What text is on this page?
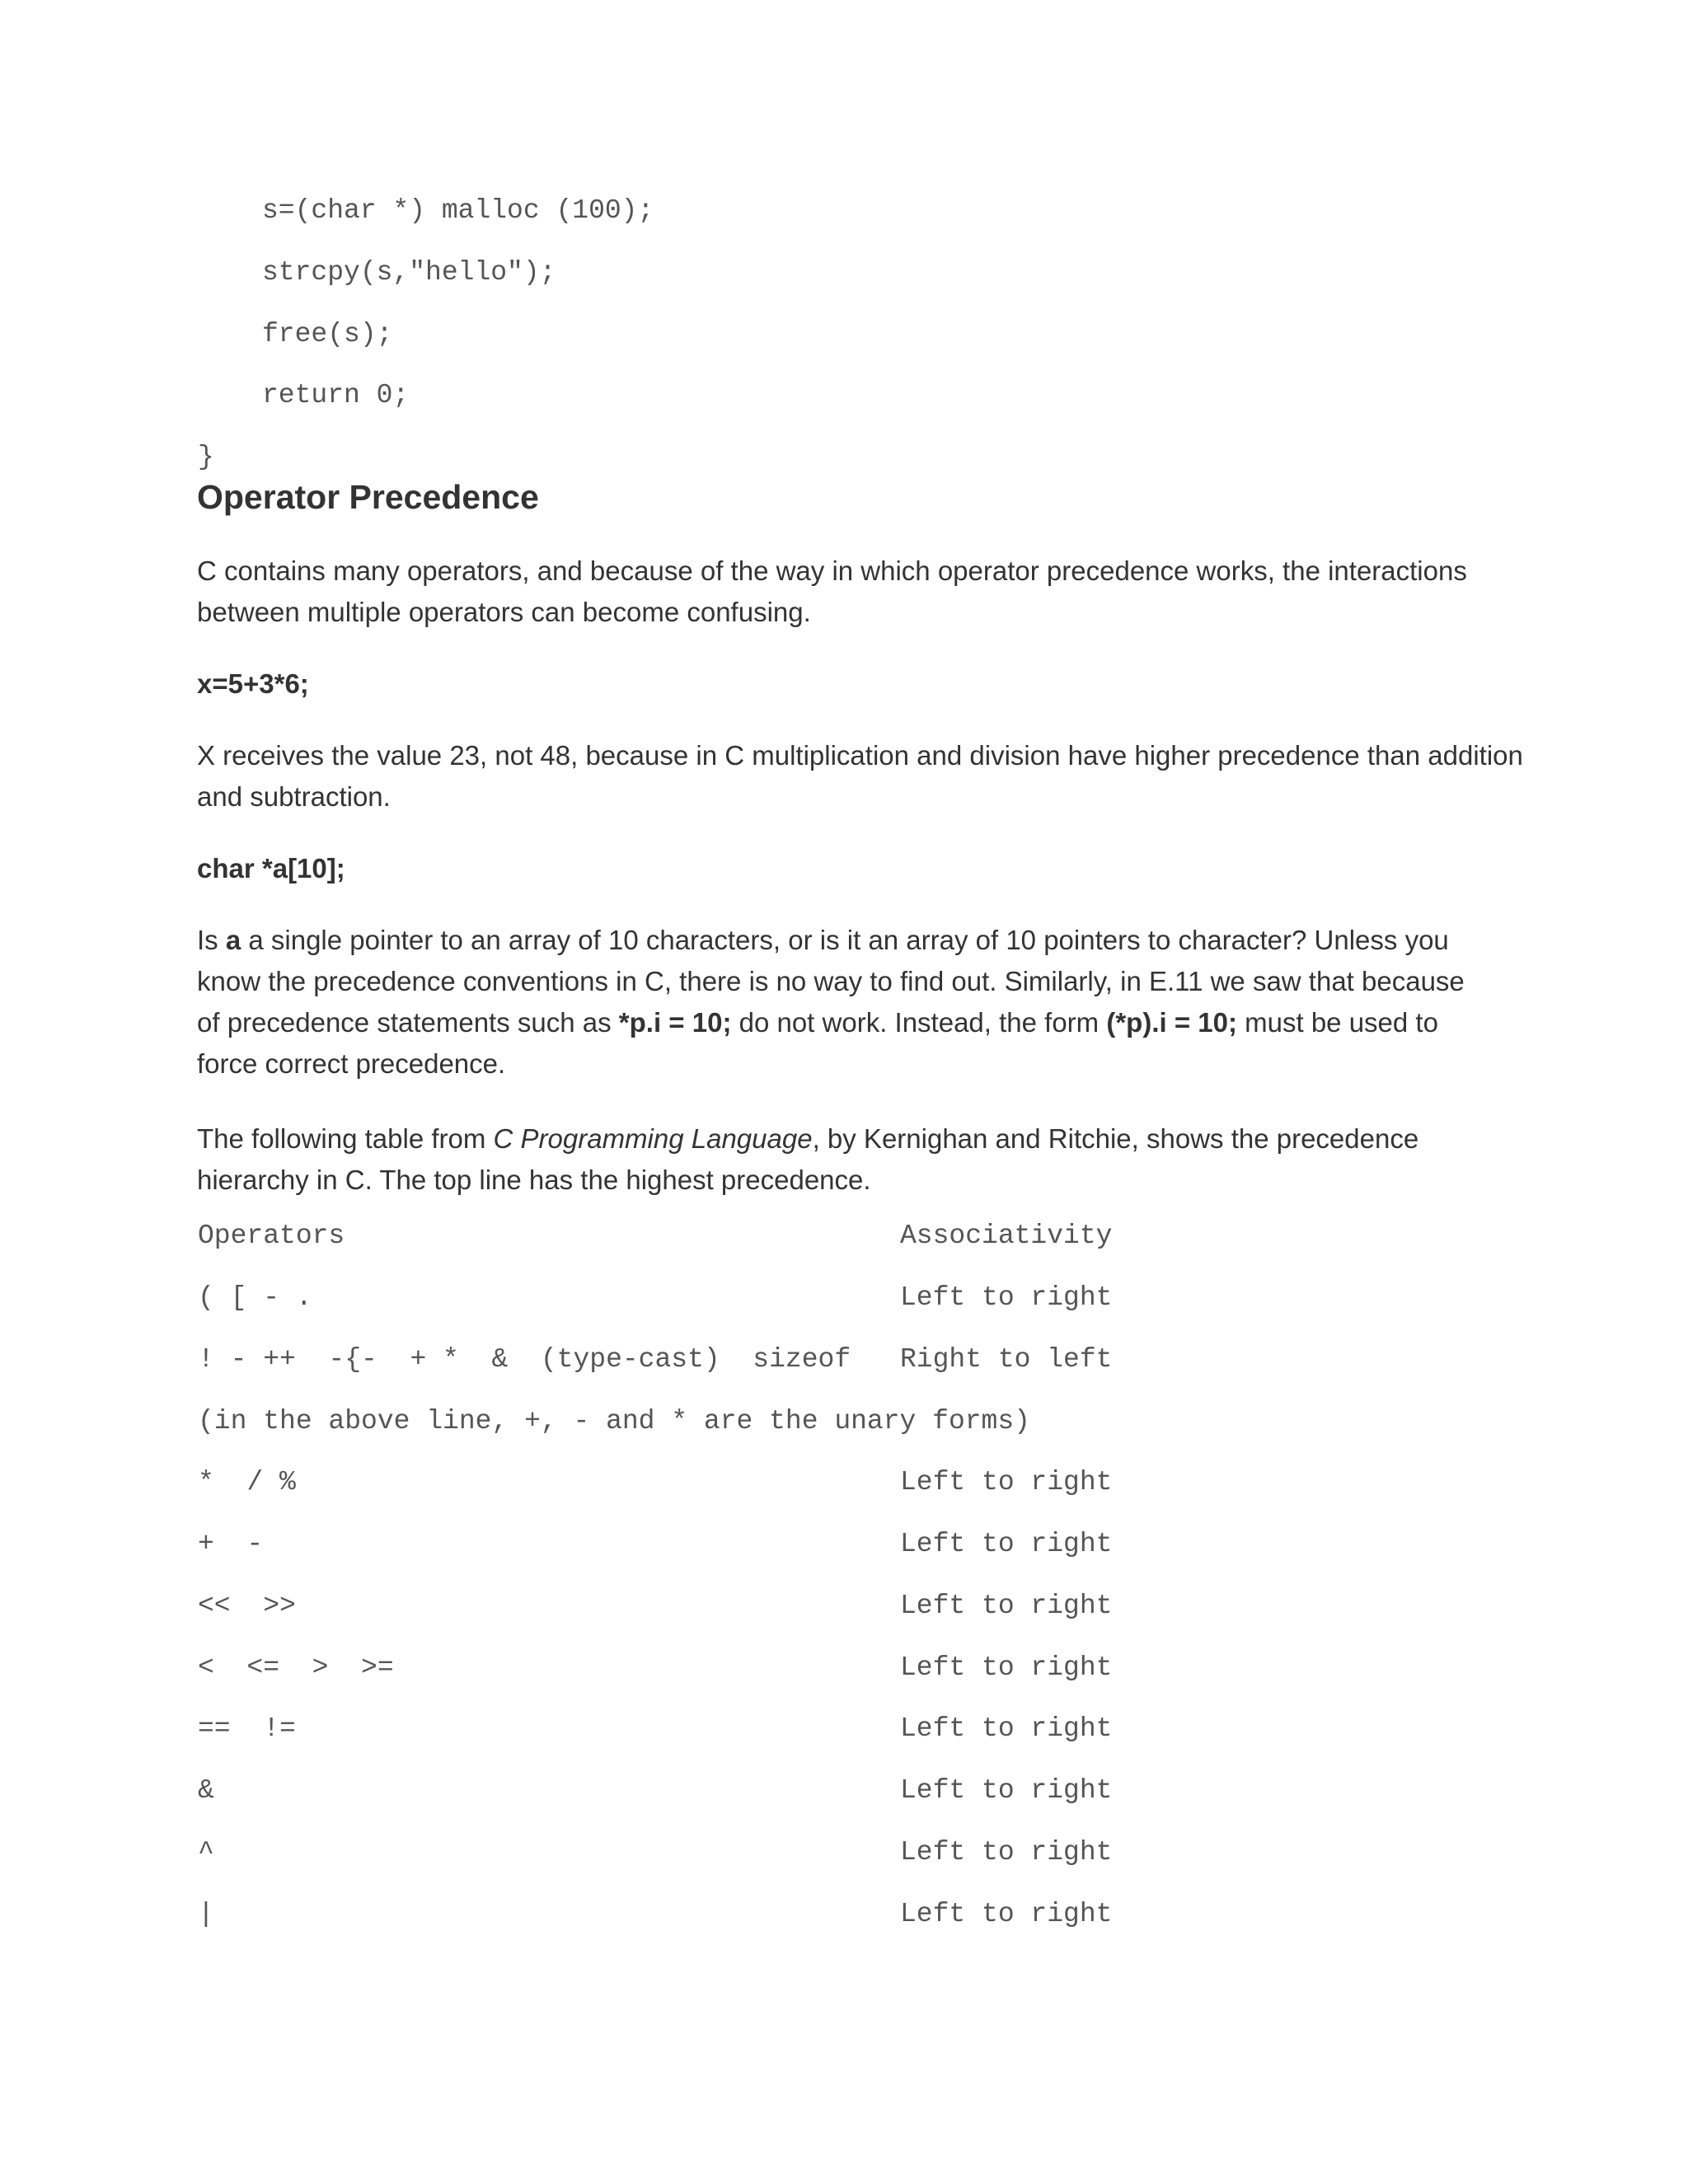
s=(char *) malloc (100);
strcpy(s,"hello");
free(s);
return 0;
}
Operator Precedence
C contains many operators, and because of the way in which operator precedence works, the interactions between multiple operators can become confusing.
x=5+3*6;
X receives the value 23, not 48, because in C multiplication and division have higher precedence than addition and subtraction.
char *a[10];
Is a a single pointer to an array of 10 characters, or is it an array of 10 pointers to character? Unless you know the precedence conventions in C, there is no way to find out. Similarly, in E.11 we saw that because of precedence statements such as *p.i = 10; do not work. Instead, the form (*p).i = 10; must be used to force correct precedence.
The following table from C Programming Language, by Kernighan and Ritchie, shows the precedence hierarchy in C. The top line has the highest precedence.
Operators	Associativity
( [ - .	Left to right
! - ++  -{-  + *  &  (type-cast)  sizeof Right to left
(in the above line, +, - and * are the unary forms)
*  / %	Left to right
+  -	Left to right
<<  >>	Left to right
<  <=  >  >=	Left to right
==  !=	Left to right
&	Left to right
^	Left to right
|	Left to right
